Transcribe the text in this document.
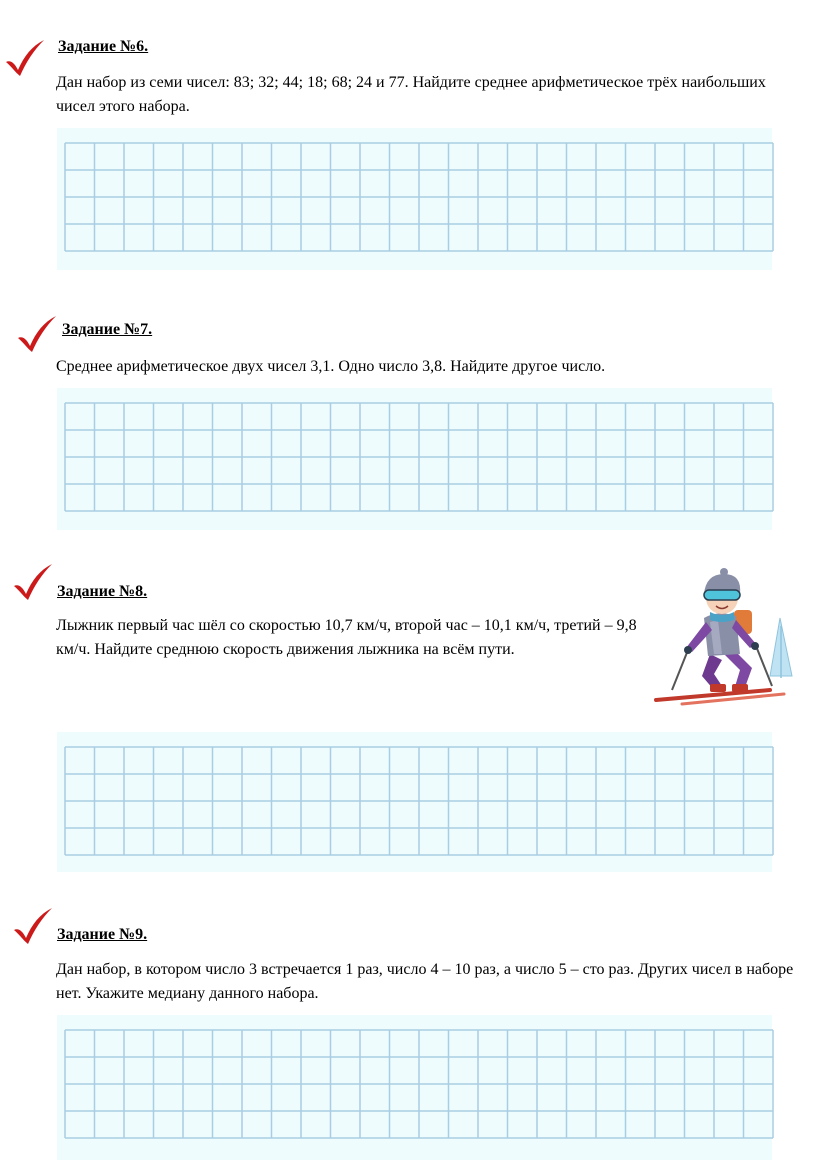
Задание №6.
Дан набор из семи чисел: 83; 32; 44; 18; 68; 24 и 77. Найдите среднее арифметическое трёх наибольших чисел этого набора.
Задание №7.
Среднее арифметическое двух чисел 3,1. Одно число 3,8. Найдите другое число.
Задание №8.
Лыжник первый час шёл со скоростью 10,7 км/ч, второй час – 10,1 км/ч, третий – 9,8 км/ч. Найдите среднюю скорость движения лыжника на всём пути.
Задание №9.
Дан набор, в котором число 3 встречается 1 раз, число 4 – 10 раз, а число 5 – сто раз. Других чисел в наборе нет. Укажите медиану данного набора.
